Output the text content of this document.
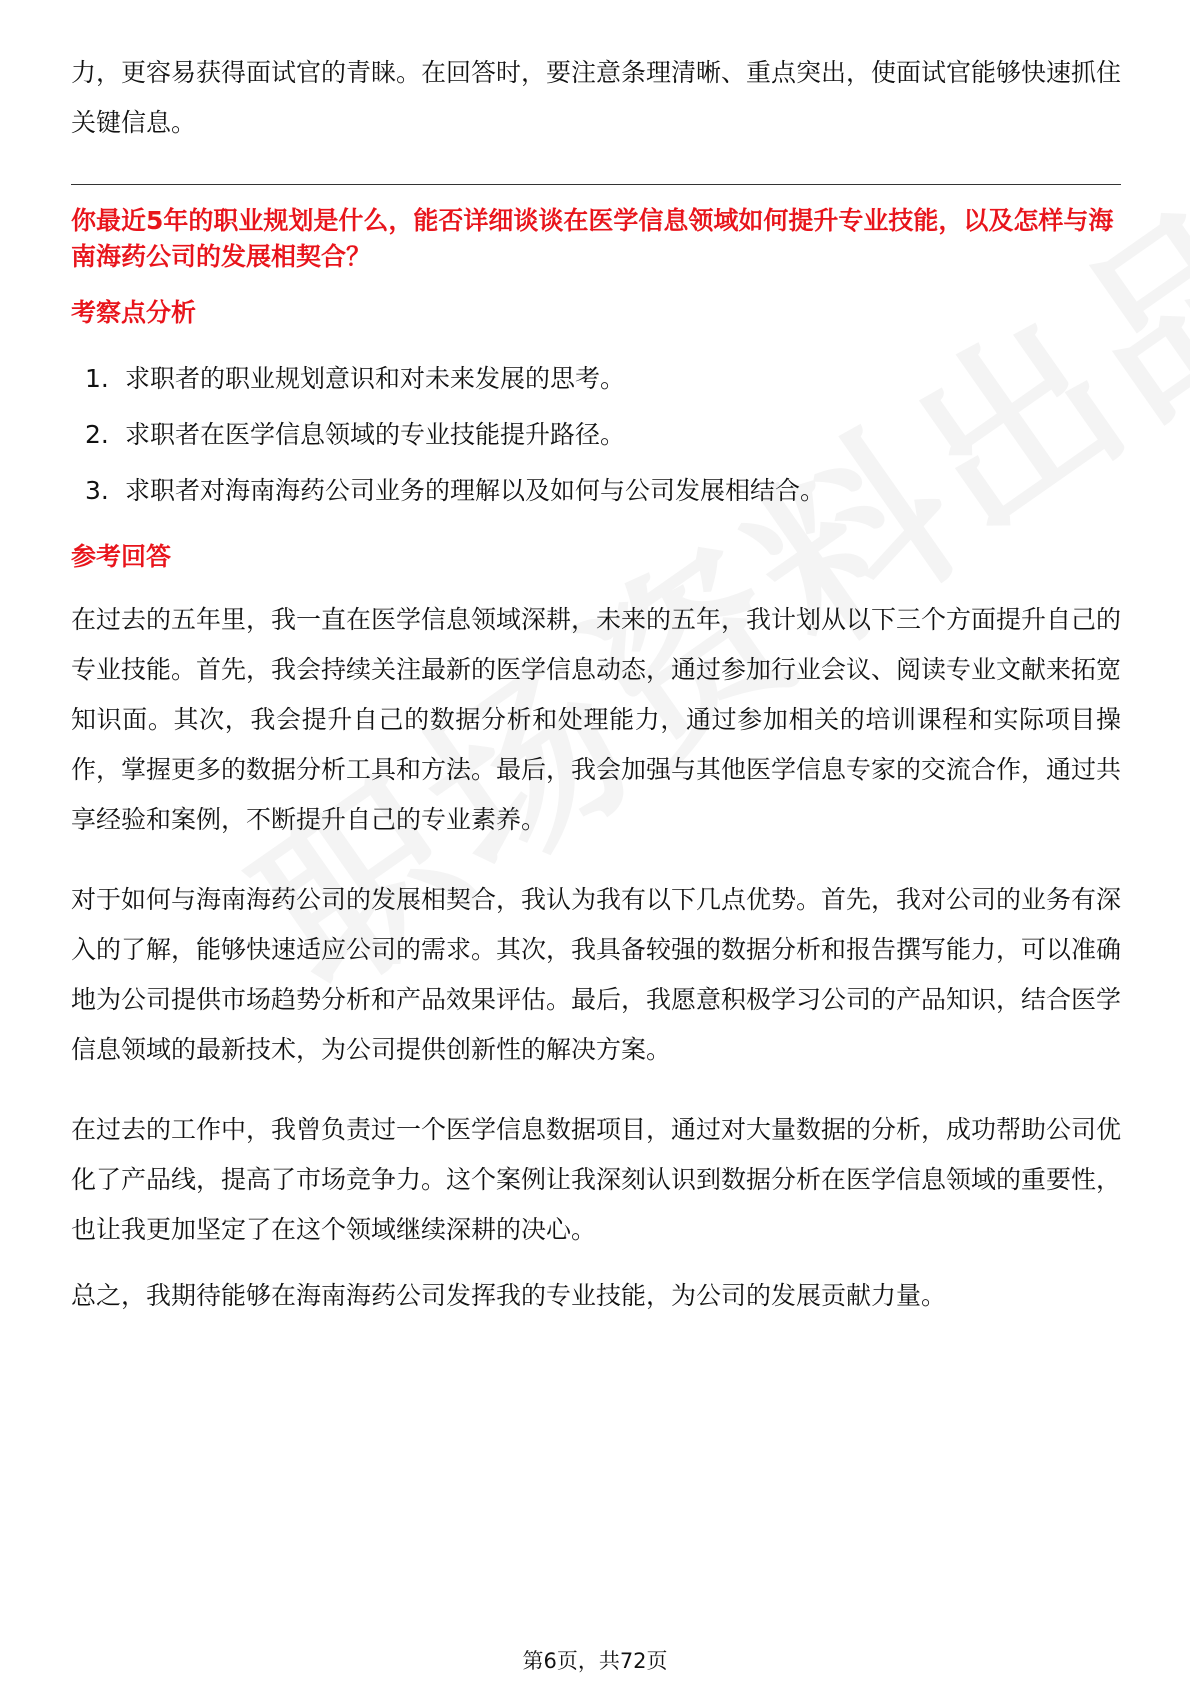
力，更容易获得面试官的青睐。在回答时，要注意条理清晰、重点突出，使面试官能够快速抓住关键信息。

你最近5年的职业规划是什么，能否详细谈谈在医学信息领域如何提升专业技能，以及怎样与海南海药公司的发展相契合？

考察点分析
1. 求职者的职业规划意识和对未来发展的思考。
2. 求职者在医学信息领域的专业技能提升路径。
3. 求职者对海南海药公司业务的理解以及如何与公司发展相结合。
参考回答

在过去的五年里，我一直在医学信息领域深耕，未来的五年，我计划从以下三个方面提升自己的专业技能。首先，我会持续关注最新的医学信息动态，通过参加行业会议、阅读专业文献来拓宽知识面。其次，我会提升自己的数据分析和处理能力，通过参加相关的培训课程和实际项目操作，掌握更多的数据分析工具和方法。最后，我会加强与其他医学信息专家的交流合作，通过共享经验和案例，不断提升自己的专业素养。

对于如何与海南海药公司的发展相契合，我认为我有以下几点优势。首先，我对公司的业务有深入的了解，能够快速适应公司的需求。其次，我具备较强的数据分析和报告撰写能力，可以准确地为公司提供市场趋势分析和产品效果评估。最后，我愿意积极学习公司的产品知识，结合医学信息领域的最新技术，为公司提供创新性的解决方案。

在过去的工作中，我曾负责过一个医学信息数据项目，通过对大量数据的分析，成功帮助公司优化了产品线，提高了市场竞争力。这个案例让我深刻认识到数据分析在医学信息领域的重要性，也让我更加坚定了在这个领域继续深耕的决心。

总之，我期待能够在海南海药公司发挥我的专业技能，为公司的发展贡献力量。

第6页，共72页
